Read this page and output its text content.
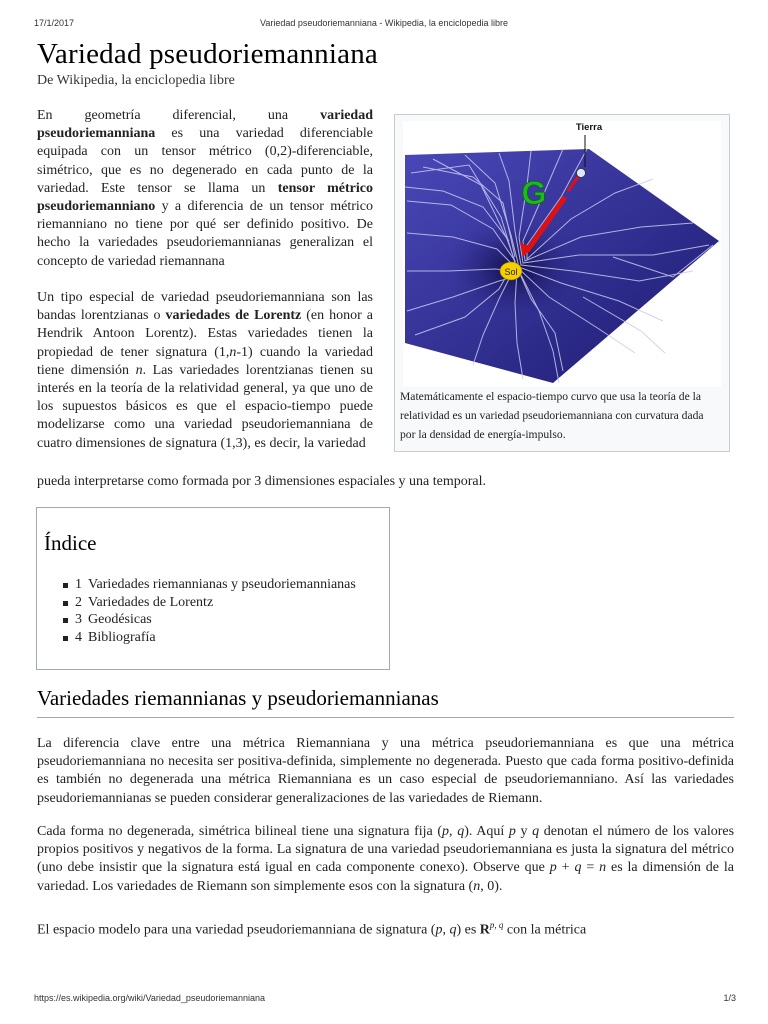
17/1/2017	Variedad pseudoriemanniana - Wikipedia, la enciclopedia libre
Variedad pseudoriemanniana
De Wikipedia, la enciclopedia libre

En geometría diferencial, una variedad pseudoriemanniana es una variedad diferenciable equipada con un tensor métrico (0,2)-diferenciable, simétrico, que es no degenerado en cada punto de la variedad. Este tensor se llama un tensor métrico pseudoriemanniano y a diferencia de un tensor métrico riemanniano no tiene por qué ser definido positivo. De hecho la variedades pseudoriemannianas generalizan el concepto de variedad riemannana

Un tipo especial de variedad pseudoriemanniana son las bandas lorentzianas o variedades de Lorentz (en honor a Hendrik Antoon Lorentz). Estas variedades tienen la propiedad de tener signatura (1,n-1) cuando la variedad tiene dimensión n. Las variedades lorentzianas tienen su interés en la teoría de la relatividad general, ya que uno de los supuestos básicos es que el espacio-tiempo puede modelizarse como una variedad pseudoriemanniana de cuatro dimensiones de signatura (1,3), es decir, la variedad

pueda interpretarse como formada por 3 dimensiones espaciales y una temporal.
Sol
G
Tierra
Matemáticamente el espacio-tiempo curvo que usa la teoría de la relatividad es un variedad pseudoriemanniana con curvatura dada por la densidad de energía-impulso.
Índice
1 Variedades riemannianas y pseudoriemannianas
2 Variedades de Lorentz
3 Geodésicas
4 Bibliografía
Variedades riemannianas y pseudoriemannianas

La diferencia clave entre una métrica Riemanniana y una métrica pseudoriemanniana es que una métrica pseudoriemanniana no necesita ser positiva-definida, simplemente no degenerada. Puesto que cada forma positivo-definida es también no degenerada una métrica Riemanniana es un caso especial de pseudoriemanniano. Así las variedades pseudoriemannianas se pueden considerar generalizaciones de las variedades de Riemann.

Cada forma no degenerada, simétrica bilineal tiene una signatura fija (p, q). Aquí p y q denotan el número de los valores propios positivos y negativos de la forma. La signatura de una variedad pseudoriemanniana es justa la signatura del métrico (uno debe insistir que la signatura está igual en cada componente conexo). Observe que p + q = n es la dimensión de la variedad. Los variedades de Riemann son simplemente esos con la signatura (n, 0).

El espacio modelo para una variedad pseudoriemanniana de signatura (p, q) es R$^{p, q}$ con la métrica

https://es.wikipedia.org/wiki/Variedad_pseudoriemanniana	1/3
